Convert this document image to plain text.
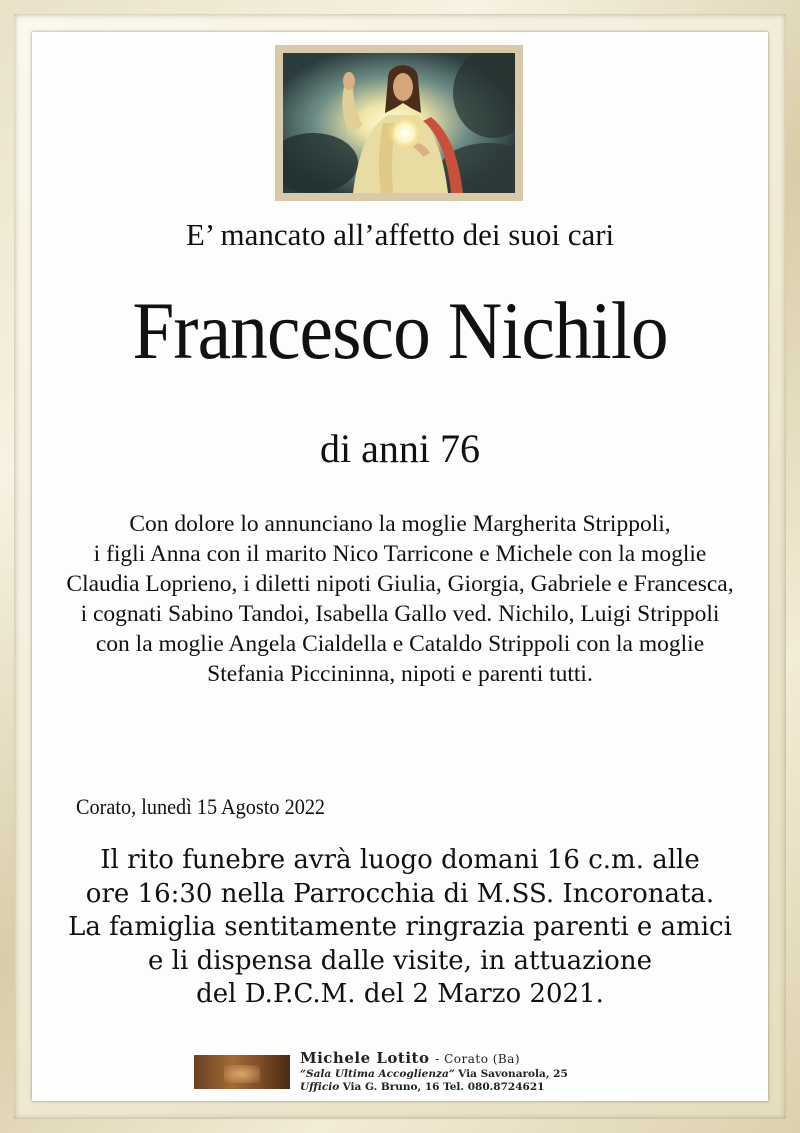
E’ mancato all’affetto dei suoi cari
Francesco Nichilo
di anni 76
Con dolore lo annunciano la moglie Margherita Strippoli,
i figli Anna con il marito Nico Tarricone e Michele con la moglie
Claudia Loprieno, i diletti nipoti Giulia, Giorgia, Gabriele e Francesca,
i cognati Sabino Tandoi, Isabella Gallo ved. Nichilo, Luigi Strippoli
con la moglie Angela Cialdella e Cataldo Strippoli con la moglie
Stefania Piccininna, nipoti e parenti tutti.
Corato, lunedì 15 Agosto 2022
Il rito funebre avrà luogo domani 16 c.m. alle
ore 16:30 nella Parrocchia di M.SS. Incoronata.
La famiglia sentitamente ringrazia parenti e amici
e li dispensa dalle visite, in attuazione
del D.P.C.M. del 2 Marzo 2021.
Michele Lotito - Corato (Ba)
“Sala Ultima Accoglienza” Via Savonarola, 25
Ufficio Via G. Bruno, 16 Tel. 080.8724621
